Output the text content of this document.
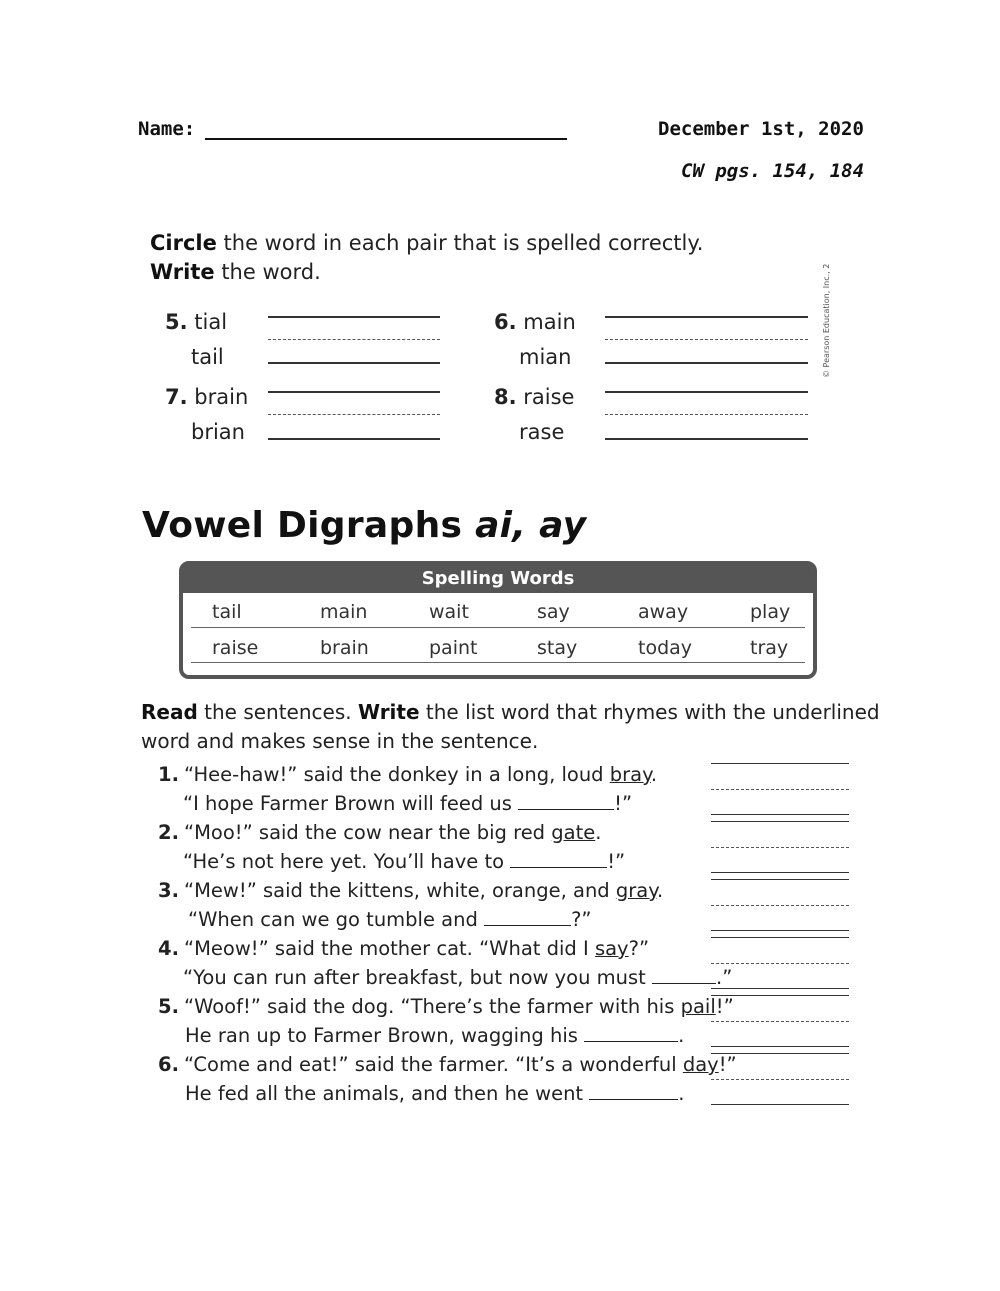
Name:	December 1st, 2020
CW pgs. 154, 184
Circle the word in each pair that is spelled correctly.
Write the word.
5. tial
tail
6. main
mian
7. brain
brian
8. raise
rase
© Pearson Education, Inc., 2
Vowel Digraphs ai, ay
Spelling Words
tail	main	wait	say	away	play
raise	brain	paint	stay	today	tray
Read the sentences. Write the list word that rhymes with the underlined
word and makes sense in the sentence.
1. “Hee-haw!” said the donkey in a long, loud bray.
“I hope Farmer Brown will feed us	!”
2. “Moo!” said the cow near the big red gate.
“He’s not here yet. You’ll have to	!”
3. “Mew!” said the kittens, white, orange, and gray.
“When can we go tumble and	?”
4. “Meow!” said the mother cat. “What did I say?”
“You can run after breakfast, but now you must	.”
5. “Woof!” said the dog. “There’s the farmer with his pail!”
He ran up to Farmer Brown, wagging his	.
6. “Come and eat!” said the farmer. “It’s a wonderful day!”
He fed all the animals, and then he went	.
